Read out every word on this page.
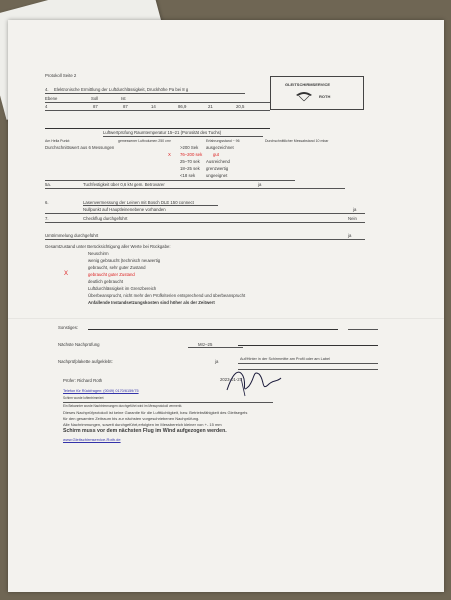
Protokoll Seite 2
GLEITSCHIRMSERVICE
ROTH
4. Elektronische Ermittlung der Luftdurchlässigkeit, Druckhöhe Pa bei 8 g
Ebene	Soll	Ist
4	87	87	14	86,9	21	20,5
Luftwertprüfung Raumtemperatur 15–21 (Porosität des Tuchs)
Am Hella Punkt:	gemessener Luftvolumen 250 cm³	Erfahrungsstand ~ 96	Durchschnittlicher Messabstand 10 mbar
Durchschnittswert aus 6 Messungen	>200 Sek ausgezeichnet
X 76–200 sek	gut
25–70 sek Ausreichend
18–25 sek grenzwertig
<18 sek	ungeeignet
5a.	Tuchfestigkeit über 0,6 kN gem. Betrovarer	ja
6.	Lasenvermessung der Leinen mit Bosch DLE 150 connect
Nullpunkt auf Hauptleinenebene vorhanden	ja
7.	Checkflug durchgeführt	Nein
Umtrimmelung durchgeführt	ja
Gesamtzustand unter Berücksichtigung aller Werte bei Rückgabe:
Neuschirm
wenig gebraucht (technisch neuwertig
gebraucht, sehr guter Zustand
X	gebraucht guter Zustand
deutlich gebraucht
Luftdurchlässigkeit im Grenzbereich
Überbeansprucht, nicht mehr den Prüfkriterien entsprechend und überbeansprucht
Anfallende Instandsetzungskosten sind höher als der Zeitwert
Sonstiges:
Nächste Nachprüfung	Mrz–25
Nachprüfplakette aufgeklebt:	ja	Auf/Hinter in der Schirmmitte am Profil oder am Label
Prüfer: Richard Roth	2023-01-27
Telefon für Rückfragen: (0049) 0170/6159/75
Schirm wurde luftentrimmiert
Ein Bekannter wurde Nachtrimmungen durchgeführt wird im Messprotokoll vermerkt.
Dieses Nachprüfprotokoll ist keine Garantie für die Lufttüchtigkeit, bzw. Betriebsfähigkeit des Gleitsegels
für den gesamten Zeitraum bis zur nächsten vorgeschriebenen Nachprüfung.
Alle Nachrimmungen, soweit durchgeführt,erfolgten im Messbereich kleiner von +- 15 mm
Schirm muss vor dem nächsten Flug im Wind aufgezogen werden.
www.Gleitschirmservice-Roth.de
